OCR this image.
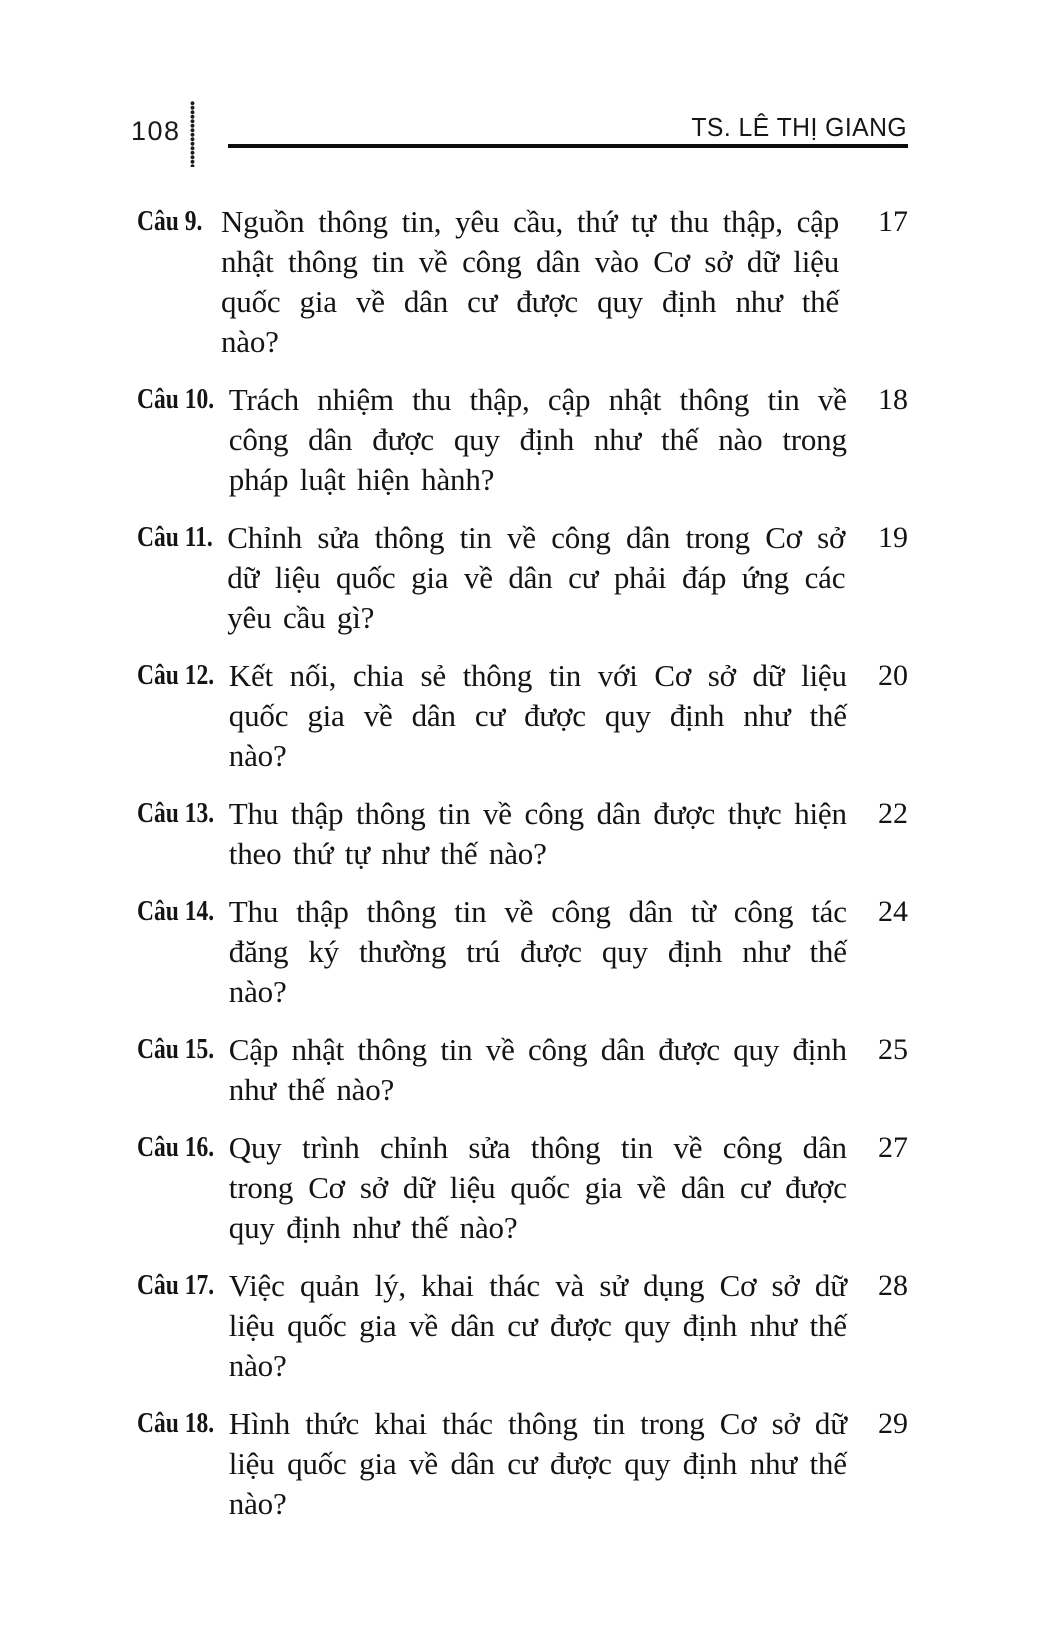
108	TS. LÊ THỊ GIANG
Câu 9. Nguồn thông tin, yêu cầu, thứ tự thu thập, cập nhật thông tin về công dân vào Cơ sở dữ liệu quốc gia về dân cư được quy định như thế nào?
17
Câu 10. Trách nhiệm thu thập, cập nhật thông tin về công dân được quy định như thế nào trong pháp luật hiện hành?
18
Câu 11. Chỉnh sửa thông tin về công dân trong Cơ sở dữ liệu quốc gia về dân cư phải đáp ứng các yêu cầu gì?
19
Câu 12. Kết nối, chia sẻ thông tin với Cơ sở dữ liệu quốc gia về dân cư được quy định như thế nào?
20
Câu 13. Thu thập thông tin về công dân được thực hiện theo thứ tự như thế nào?
22
Câu 14. Thu thập thông tin về công dân từ công tác đăng ký thường trú được quy định như thế nào?
24
Câu 15. Cập nhật thông tin về công dân được quy định như thế nào?
25
Câu 16. Quy trình chỉnh sửa thông tin về công dân trong Cơ sở dữ liệu quốc gia về dân cư được quy định như thế nào?
27
Câu 17. Việc quản lý, khai thác và sử dụng Cơ sở dữ liệu quốc gia về dân cư được quy định như thế nào?
28
Câu 18. Hình thức khai thác thông tin trong Cơ sở dữ liệu quốc gia về dân cư được quy định như thế nào?
29
